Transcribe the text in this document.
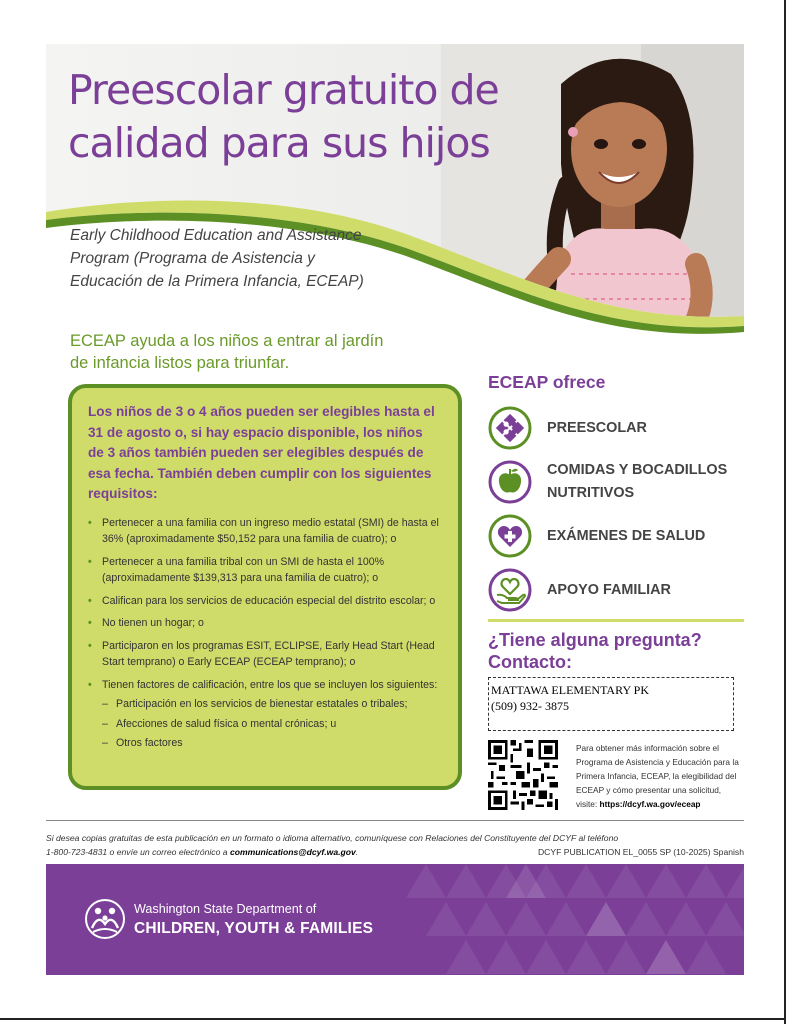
Preescolar gratuito de calidad para sus hijos
Early Childhood Education and Assistance Program (Programa de Asistencia y Educación de la Primera Infancia, ECEAP)
ECEAP ayuda a los niños a entrar al jardín de infancia listos para triunfar.

Los niños de 3 o 4 años pueden ser elegibles hasta el 31 de agosto o, si hay espacio disponible, los niños de 3 años también pueden ser elegibles después de esa fecha. También deben cumplir con los siguientes requisitos:

• Pertenecer a una familia con un ingreso medio estatal (SMI) de hasta el 36% (aproximadamente $50,152 para una familia de cuatro); o
• Pertenecer a una familia tribal con un SMI de hasta el 100% (aproximadamente $139,313 para una familia de cuatro); o
• Califican para los servicios de educación especial del distrito escolar; o
• No tienen un hogar; o
• Participaron en los programas ESIT, ECLIPSE, Early Head Start (Head Start temprano) o Early ECEAP (ECEAP temprano); o
• Tienen factores de calificación, entre los que se incluyen los siguientes:
– Participación en los servicios de bienestar estatales o tribales;
– Afecciones de salud física o mental crónicas; u
– Otros factores
ECEAP ofrece
PREESCOLAR
COMIDAS Y BOCADILLOS NUTRITIVOS
EXÁMENES DE SALUD
APOYO FAMILIAR
¿Tiene alguna pregunta? Contacto:
MATTAWA ELEMENTARY PK
(509) 932- 3875
Para obtener más información sobre el Programa de Asistencia y Educación para la Primera Infancia, ECEAP, la elegibilidad del ECEAP y cómo presentar una solicitud, visite: https://dcyf.wa.gov/eceap
Si desea copias gratuitas de esta publicación en un formato o idioma alternativo, comuníquese con Relaciones del Constituyente del DCYF al teléfono
1-800-723-4831 o envíe un correo electrónico a communications@dcyf.wa.gov.	DCYF PUBLICATION EL_0055 SP (10-2025) Spanish
Washington State Department of
CHILDREN, YOUTH & FAMILIES
